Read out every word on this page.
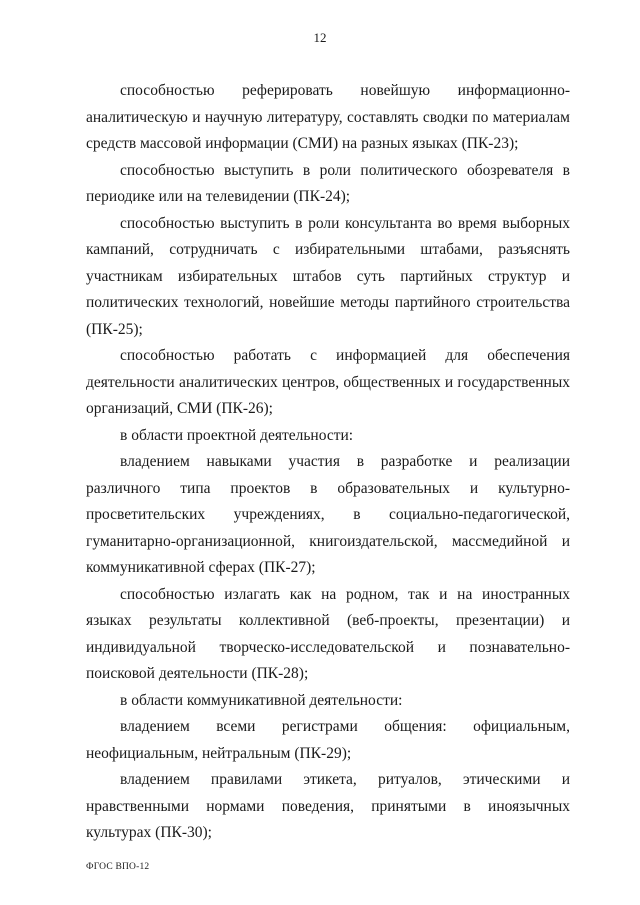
12

способностью реферировать новейшую информационно-аналитическую и научную литературу, составлять сводки по материалам средств массовой информации (СМИ) на разных языках (ПК-23);

способностью выступить в роли политического обозревателя в периодике или на телевидении (ПК-24);

способностью выступить в роли консультанта во время выборных кампаний, сотрудничать с избирательными штабами, разъяснять участникам избирательных штабов суть партийных структур и политических технологий, новейшие методы партийного строительства (ПК-25);

способностью работать с информацией для обеспечения деятельности аналитических центров, общественных и государственных организаций, СМИ (ПК-26);

в области проектной деятельности:

владением навыками участия в разработке и реализации различного типа проектов в образовательных и культурно-просветительских учреждениях, в социально-педагогической, гуманитарно-организационной, книгоиздательской, массмедийной и коммуникативной сферах (ПК-27);

способностью излагать как на родном, так и на иностранных языках результаты коллективной (веб-проекты, презентации) и индивидуальной творческо-исследовательской и познавательно-поисковой деятельности (ПК-28);

в области коммуникативной деятельности:

владением всеми регистрами общения: официальным, неофициальным, нейтральным (ПК-29);

владением правилами этикета, ритуалов, этическими и нравственными нормами поведения, принятыми в иноязычных культурах (ПК-30);

ФГОС ВПО-12
